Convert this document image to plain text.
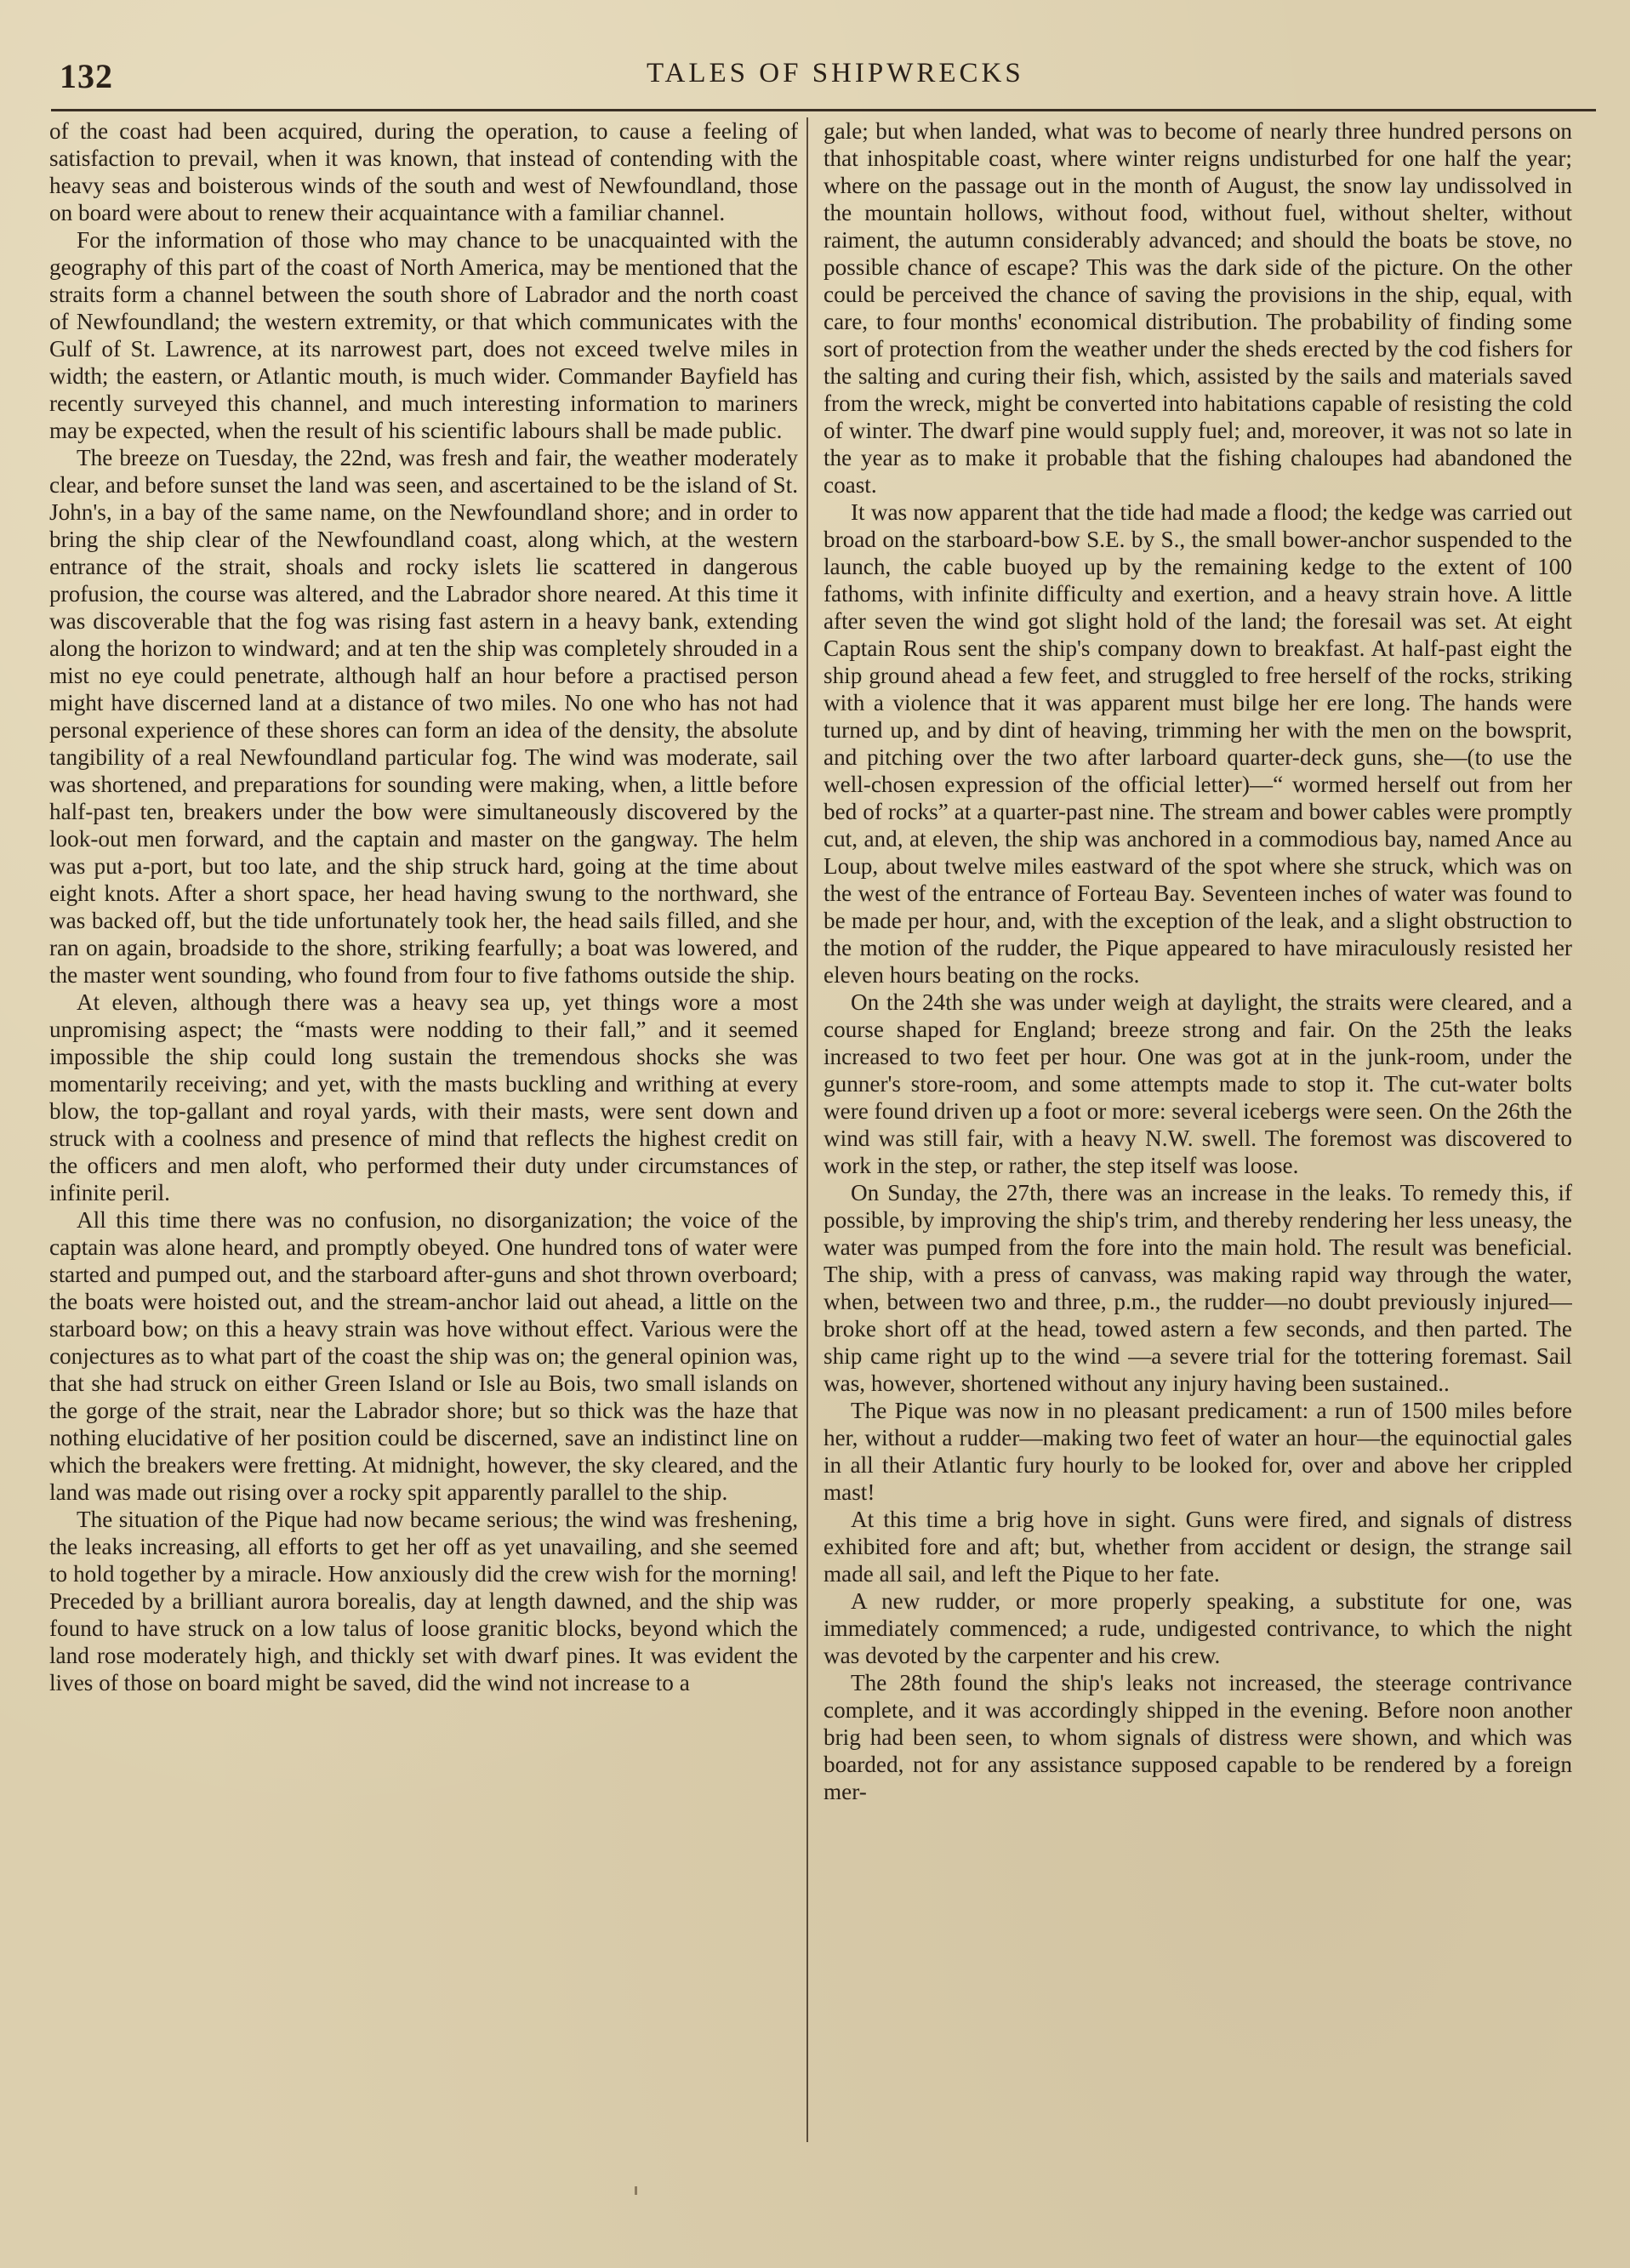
132	TALES OF SHIPWRECKS

of the coast had been acquired, during the operation, to cause a feeling of satisfaction to prevail, when it was known, that instead of contending with the heavy seas and boisterous winds of the south and west of Newfoundland, those on board were about to renew their acquaintance with a familiar channel.

For the information of those who may chance to be unacquainted with the geography of this part of the coast of North America, may be mentioned that the straits form a channel between the south shore of Labrador and the north coast of Newfoundland; the western extremity, or that which communicates with the Gulf of St. Lawrence, at its narrowest part, does not exceed twelve miles in width; the eastern, or Atlantic mouth, is much wider. Commander Bayfield has recently surveyed this channel, and much interesting information to mariners may be expected, when the result of his scientific labours shall be made public.

The breeze on Tuesday, the 22nd, was fresh and fair, the weather moderately clear, and before sunset the land was seen, and ascertained to be the island of St. John's, in a bay of the same name, on the Newfoundland shore; and in order to bring the ship clear of the Newfoundland coast, along which, at the western entrance of the strait, shoals and rocky islets lie scattered in dangerous profusion, the course was altered, and the Labrador shore neared. At this time it was discoverable that the fog was rising fast astern in a heavy bank, extending along the horizon to windward; and at ten the ship was completely shrouded in a mist no eye could penetrate, although half an hour before a practised person might have discerned land at a distance of two miles. No one who has not had personal experience of these shores can form an idea of the density, the absolute tangibility of a real Newfoundland particular fog. The wind was moderate, sail was shortened, and preparations for sounding were making, when, a little before half-past ten, breakers under the bow were simultaneously discovered by the look-out men forward, and the captain and master on the gangway. The helm was put a-port, but too late, and the ship struck hard, going at the time about eight knots. After a short space, her head having swung to the northward, she was backed off, but the tide unfortunately took her, the head sails filled, and she ran on again, broadside to the shore, striking fearfully; a boat was lowered, and the master went sounding, who found from four to five fathoms outside the ship.

At eleven, although there was a heavy sea up, yet things wore a most unpromising aspect; the “masts were nodding to their fall,” and it seemed impossible the ship could long sustain the tremendous shocks she was momentarily receiving; and yet, with the masts buckling and writhing at every blow, the top-gallant and royal yards, with their masts, were sent down and struck with a coolness and presence of mind that reflects the highest credit on the officers and men aloft, who performed their duty under circumstances of infinite peril.

All this time there was no confusion, no disorganization; the voice of the captain was alone heard, and promptly obeyed. One hundred tons of water were started and pumped out, and the starboard after-guns and shot thrown overboard; the boats were hoisted out, and the stream-anchor laid out ahead, a little on the starboard bow; on this a heavy strain was hove without effect. Various were the conjectures as to what part of the coast the ship was on; the general opinion was, that she had struck on either Green Island or Isle au Bois, two small islands on the gorge of the strait, near the Labrador shore; but so thick was the haze that nothing elucidative of her position could be discerned, save an indistinct line on which the breakers were fretting. At midnight, however, the sky cleared, and the land was made out rising over a rocky spit apparently parallel to the ship.

The situation of the Pique had now became serious; the wind was freshening, the leaks increasing, all efforts to get her off as yet unavailing, and she seemed to hold together by a miracle. How anxiously did the crew wish for the morning! Preceded by a brilliant aurora borealis, day at length dawned, and the ship was found to have struck on a low talus of loose granitic blocks, beyond which the land rose moderately high, and thickly set with dwarf pines. It was evident the lives of those on board might be saved, did the wind not increase to a

gale; but when landed, what was to become of nearly three hundred persons on that inhospitable coast, where winter reigns undisturbed for one half the year; where on the passage out in the month of August, the snow lay undissolved in the mountain hollows, without food, without fuel, without shelter, without raiment, the autumn considerably advanced; and should the boats be stove, no possible chance of escape? This was the dark side of the picture. On the other could be perceived the chance of saving the provisions in the ship, equal, with care, to four months' economical distribution. The probability of finding some sort of protection from the weather under the sheds erected by the cod fishers for the salting and curing their fish, which, assisted by the sails and materials saved from the wreck, might be converted into habitations capable of resisting the cold of winter. The dwarf pine would supply fuel; and, moreover, it was not so late in the year as to make it probable that the fishing chaloupes had abandoned the coast.

It was now apparent that the tide had made a flood; the kedge was carried out broad on the starboard-bow S.E. by S., the small bower-anchor suspended to the launch, the cable buoyed up by the remaining kedge to the extent of 100 fathoms, with infinite difficulty and exertion, and a heavy strain hove. A little after seven the wind got slight hold of the land; the foresail was set. At eight Captain Rous sent the ship's company down to breakfast. At half-past eight the ship ground ahead a few feet, and struggled to free herself of the rocks, striking with a violence that it was apparent must bilge her ere long. The hands were turned up, and by dint of heaving, trimming her with the men on the bowsprit, and pitching over the two after larboard quarter-deck guns, she—(to use the well-chosen expression of the official letter)—“ wormed herself out from her bed of rocks” at a quarter-past nine. The stream and bower cables were promptly cut, and, at eleven, the ship was anchored in a commodious bay, named Ance au Loup, about twelve miles eastward of the spot where she struck, which was on the west of the entrance of Forteau Bay. Seventeen inches of water was found to be made per hour, and, with the exception of the leak, and a slight obstruction to the motion of the rudder, the Pique appeared to have miraculously resisted her eleven hours beating on the rocks.

On the 24th she was under weigh at daylight, the straits were cleared, and a course shaped for England; breeze strong and fair. On the 25th the leaks increased to two feet per hour. One was got at in the junk-room, under the gunner's store-room, and some attempts made to stop it. The cut-water bolts were found driven up a foot or more: several icebergs were seen. On the 26th the wind was still fair, with a heavy N.W. swell. The foremost was discovered to work in the step, or rather, the step itself was loose.

On Sunday, the 27th, there was an increase in the leaks. To remedy this, if possible, by improving the ship's trim, and thereby rendering her less uneasy, the water was pumped from the fore into the main hold. The result was beneficial. The ship, with a press of canvass, was making rapid way through the water, when, between two and three, p.m., the rudder—no doubt previously injured—broke short off at the head, towed astern a few seconds, and then parted. The ship came right up to the wind —a severe trial for the tottering foremast. Sail was, however, shortened without any injury having been sustained..

The Pique was now in no pleasant predicament: a run of 1500 miles before her, without a rudder—making two feet of water an hour—the equinoctial gales in all their Atlantic fury hourly to be looked for, over and above her crippled mast!

At this time a brig hove in sight. Guns were fired, and signals of distress exhibited fore and aft; but, whether from accident or design, the strange sail made all sail, and left the Pique to her fate.

A new rudder, or more properly speaking, a substitute for one, was immediately commenced; a rude, undigested contrivance, to which the night was devoted by the carpenter and his crew.

The 28th found the ship's leaks not increased, the steerage contrivance complete, and it was accordingly shipped in the evening. Before noon another brig had been seen, to whom signals of distress were shown, and which was boarded, not for any assistance supposed capable to be rendered by a foreign mer-
